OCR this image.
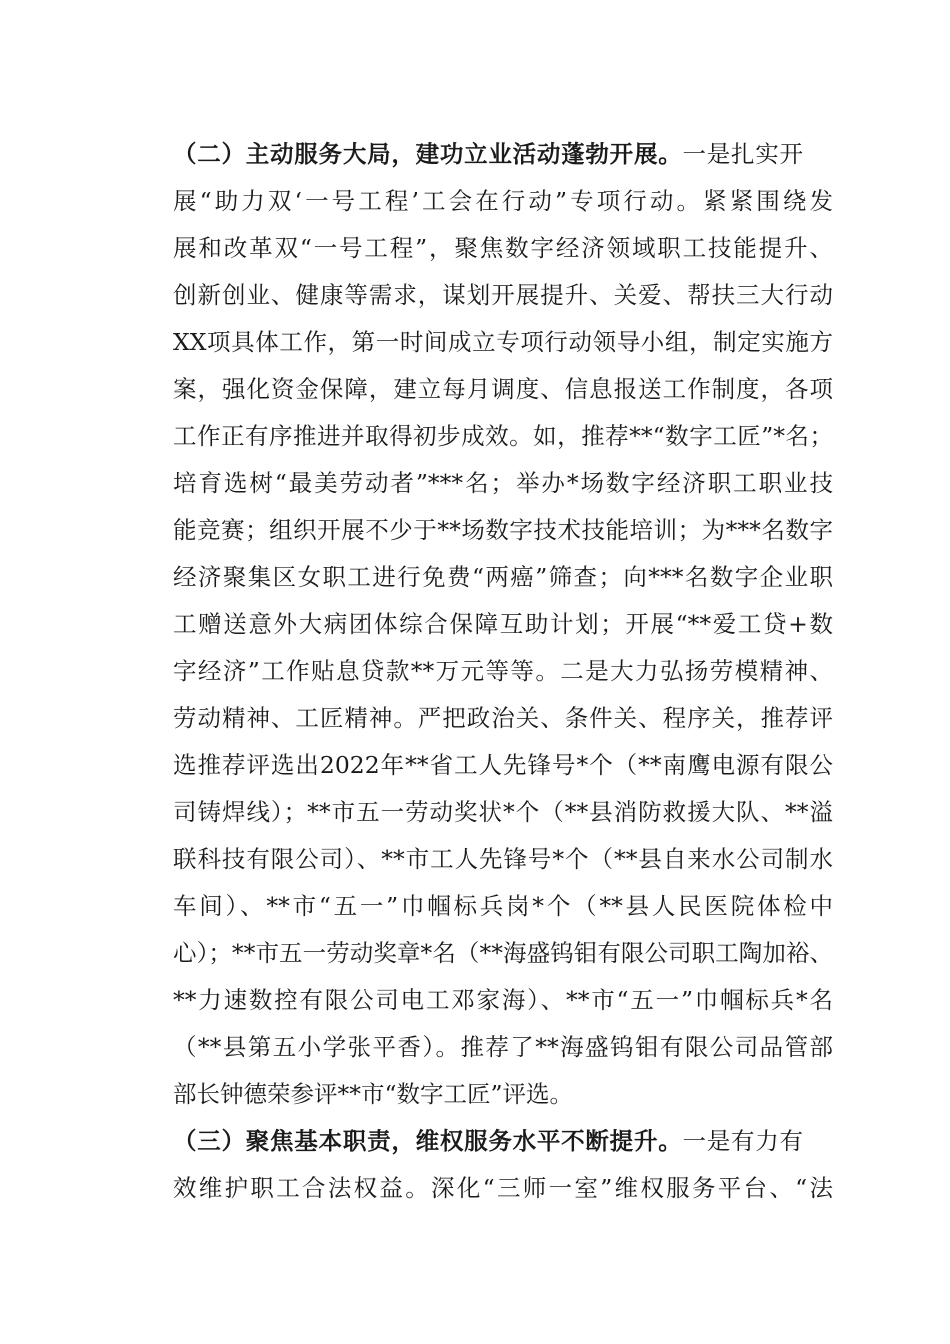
（二）主动服务大局，建功立业活动蓬勃开展。一是扎实开
展“助力双‘一号工程’工会在行动”专项行动。紧紧围绕发
展和改革双“一号工程”，聚焦数字经济领域职工技能提升、
创新创业、健康等需求，谋划开展提升、关爱、帮扶三大行动
XX项具体工作，第一时间成立专项行动领导小组，制定实施方
案，强化资金保障，建立每月调度、信息报送工作制度，各项
工作正有序推进并取得初步成效。如，推荐**“数字工匠”*名；
培育选树“最美劳动者”***名；举办*场数字经济职工职业技
能竞赛；组织开展不少于**场数字技术技能培训；为***名数字
经济聚集区女职工进行免费“两癌”筛查；向***名数字企业职
工赠送意外大病团体综合保障互助计划；开展“**爱工贷+数
字经济”工作贴息贷款**万元等等。二是大力弘扬劳模精神、
劳动精神、工匠精神。严把政治关、条件关、程序关，推荐评
选推荐评选出2022年**省工人先锋号*个（**南鹰电源有限公
司铸焊线）；**市五一劳动奖状*个（**县消防救援大队、**溢
联科技有限公司）、**市工人先锋号*个（**县自来水公司制水
车间）、**市“五一”巾帼标兵岗*个（**县人民医院体检中
心）；**市五一劳动奖章*名（**海盛钨钼有限公司职工陶加裕、
**力速数控有限公司电工邓家海）、**市“五一”巾帼标兵*名
（**县第五小学张平香）。推荐了**海盛钨钼有限公司品管部
部长钟德荣参评**市“数字工匠”评选。
（三）聚焦基本职责，维权服务水平不断提升。一是有力有
效维护职工合法权益。深化“三师一室”维权服务平台、“法
